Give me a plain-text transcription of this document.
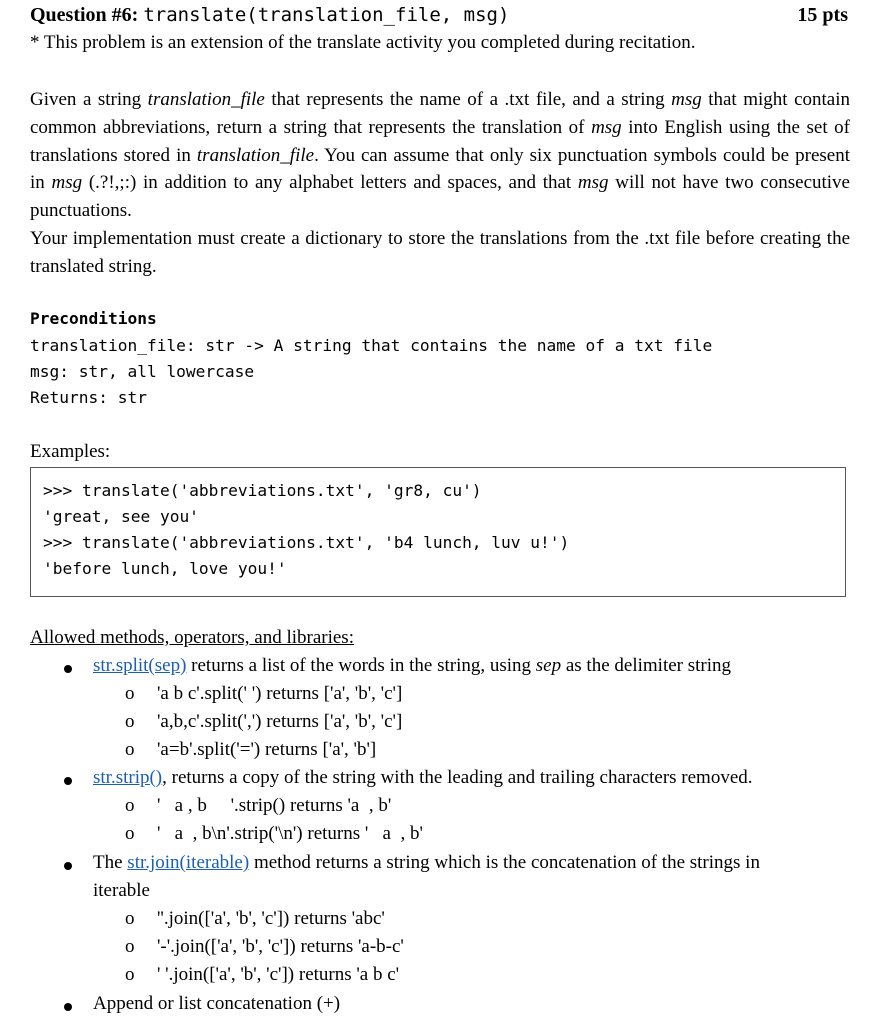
Question #6: translate(translation_file, msg)	15 pts
* This problem is an extension of the translate activity you completed during recitation.
Given a string translation_file that represents the name of a .txt file, and a string msg that might contain common abbreviations, return a string that represents the translation of msg into English using the set of translations stored in translation_file. You can assume that only six punctuation symbols could be present in msg (.?!,;:) in addition to any alphabet letters and spaces, and that msg will not have two consecutive punctuations.
Your implementation must create a dictionary to store the translations from the .txt file before creating the translated string.
Preconditions
translation_file: str -> A string that contains the name of a txt file
msg: str, all lowercase
Returns: str
Examples:
>>> translate('abbreviations.txt', 'gr8, cu')
'great, see you'
>>> translate('abbreviations.txt', 'b4 lunch, luv u!')
'before lunch, love you!'
Allowed methods, operators, and libraries:
str.split(sep) returns a list of the words in the string, using sep as the delimiter string
o 'a b c'.split(' ') returns ['a', 'b', 'c']
o 'a,b,c'.split(',') returns ['a', 'b', 'c']
o 'a=b'.split('=') returns ['a', 'b']
str.strip(), returns a copy of the string with the leading and trailing characters removed.
o '   a , b     '.strip() returns 'a  , b'
o '   a  , b\n'.strip('\n') returns '   a  , b'
The str.join(iterable) method returns a string which is the concatenation of the strings in
iterable
o ''.join(['a', 'b', 'c']) returns 'abc'
o '-'.join(['a', 'b', 'c']) returns 'a-b-c'
o ' '.join(['a', 'b', 'c']) returns 'a b c'
Append or list concatenation (+)
